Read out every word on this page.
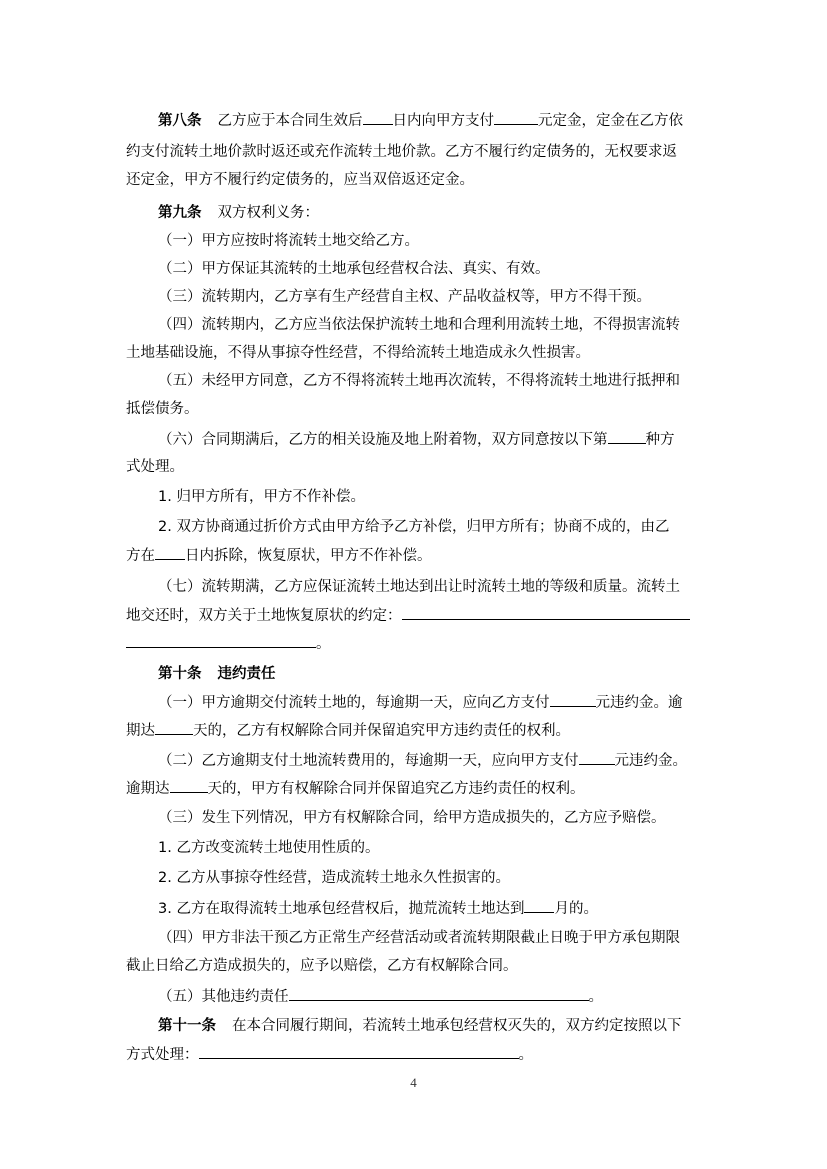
第八条 乙方应于本合同生效后 日内向甲方支付	元定金，定金在乙方依
约支付流转土地价款时返还或充作流转土地价款。乙方不履行约定债务的，无权要求返
还定金，甲方不履行约定债务的，应当双倍返还定金。
第九条 双方权利义务：
（一）甲方应按时将流转土地交给乙方。
（二）甲方保证其流转的土地承包经营权合法、真实、有效。
（三）流转期内，乙方享有生产经营自主权、产品收益权等，甲方不得干预。
（四）流转期内，乙方应当依法保护流转土地和合理利用流转土地，不得损害流转
土地基础设施，不得从事掠夺性经营，不得给流转土地造成永久性损害。
（五）未经甲方同意，乙方不得将流转土地再次流转，不得将流转土地进行抵押和
抵偿债务。
（六）合同期满后，乙方的相关设施及地上附着物，双方同意按以下第	种方
式处理。
1. 归甲方所有，甲方不作补偿。
2. 双方协商通过折价方式由甲方给予乙方补偿，归甲方所有；协商不成的，由乙
方在 日内拆除，恢复原状，甲方不作补偿。
（七）流转期满，乙方应保证流转土地达到出让时流转土地的等级和质量。流转土
地交还时，双方关于土地恢复原状的约定：
。
第十条 违约责任
（一）甲方逾期交付流转土地的，每逾期一天，应向乙方支付	元违约金。逾
期达	天的，乙方有权解除合同并保留追究甲方违约责任的权利。
（二）乙方逾期支付土地流转费用的，每逾期一天，应向甲方支付 元违约金。
逾期达	天的，甲方有权解除合同并保留追究乙方违约责任的权利。
（三）发生下列情况，甲方有权解除合同，给甲方造成损失的，乙方应予赔偿。
1. 乙方改变流转土地使用性质的。
2. 乙方从事掠夺性经营，造成流转土地永久性损害的。
3. 乙方在取得流转土地承包经营权后，抛荒流转土地达到 月的。
（四）甲方非法干预乙方正常生产经营活动或者流转期限截止日晚于甲方承包期限
截止日给乙方造成损失的，应予以赔偿，乙方有权解除合同。
（五）其他违约责任	。
第十一条 在本合同履行期间，若流转土地承包经营权灭失的，双方约定按照以下
方式处理：	。
4
